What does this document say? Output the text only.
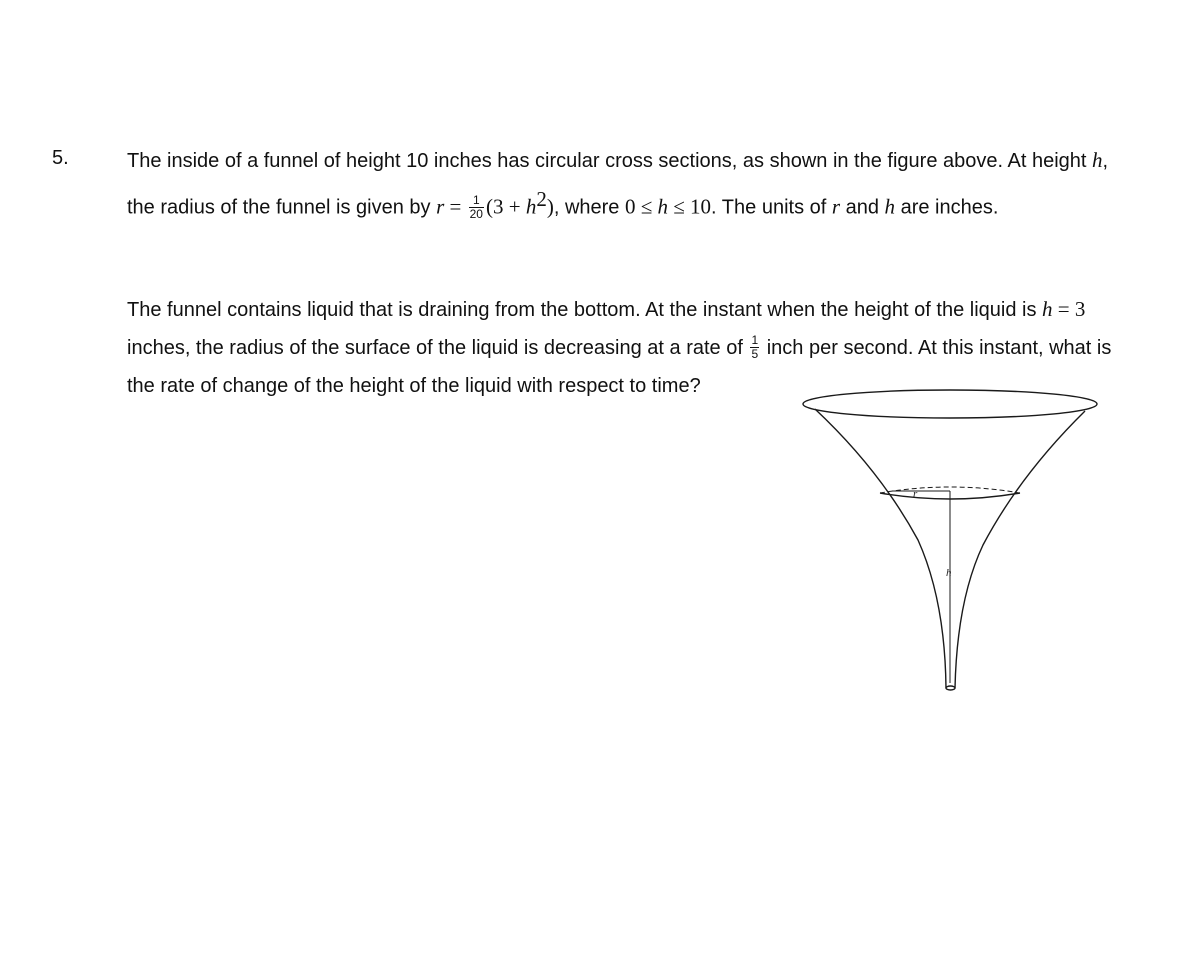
5.	The inside of a funnel of height 10 inches has circular cross sections, as shown in the figure above. At height h,
the radius of the funnel is given by $r = \frac{1}{20} (3 + h^2)$, where 0 ≤ h ≤ 10. The units of r and h are inches.
The funnel contains liquid that is draining from the bottom. At the instant when the height of the liquid is h = 3
inches, the radius of the surface of the liquid is decreasing at a rate of $\frac{1}{5}$ inch per second. At this instant, what is
the rate of change of the height of the liquid with respect to time?
r
h
